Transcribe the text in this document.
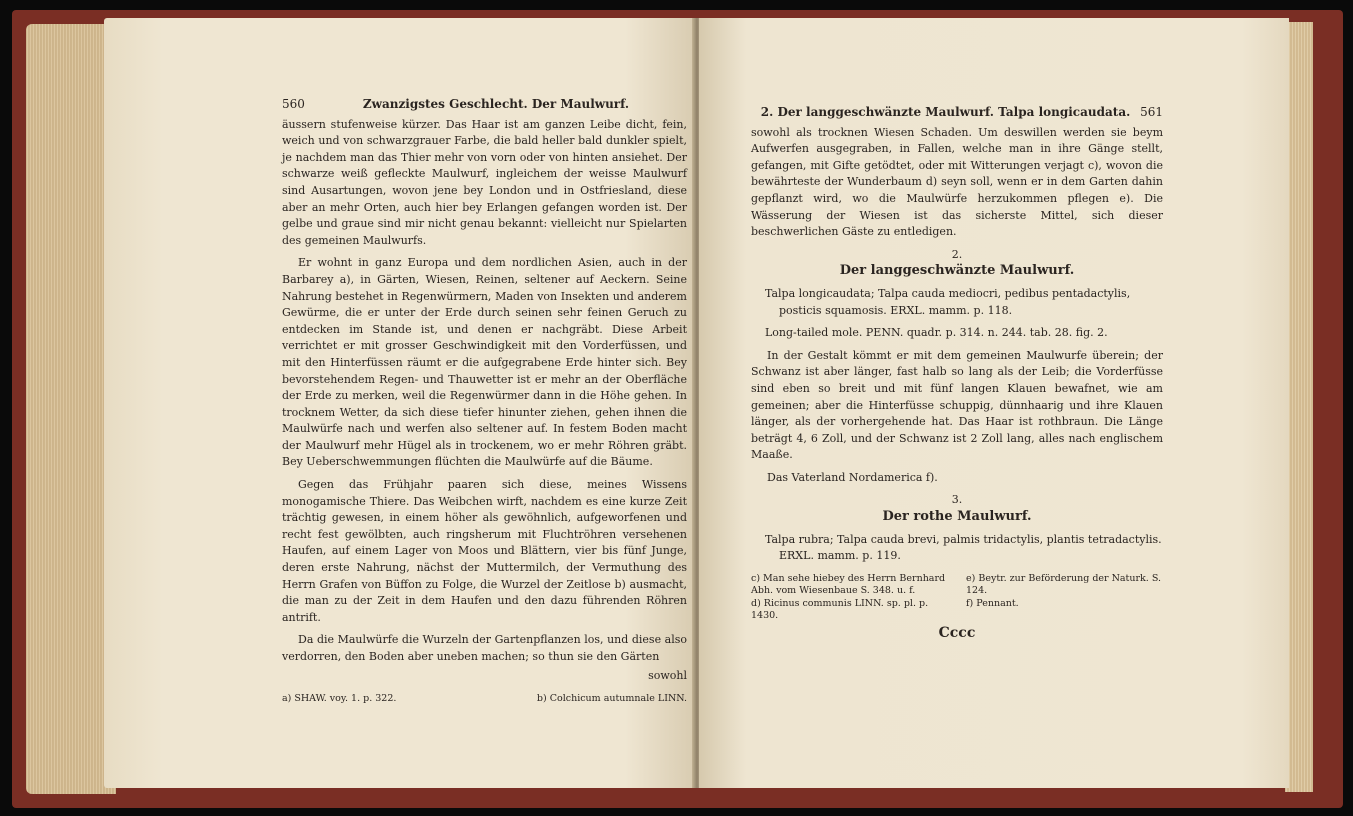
560	Zwanzigstes Geschlecht. Der Maulwurf.

äussern stufenweise kürzer. Das Haar ist am ganzen Leibe dicht, fein, weich und von schwarzgrauer Farbe, die bald heller bald dunkler spielt, je nachdem man das Thier mehr von vorn oder von hinten ansiehet. Der schwarze weiß gefleckte Maulwurf, ingleichem der weisse Maulwurf sind Ausartungen, wovon jene bey London und in Ostfriesland, diese aber an mehr Orten, auch hier bey Erlangen gefangen worden ist. Der gelbe und graue sind mir nicht genau bekannt: vielleicht nur Spielarten des gemeinen Maulwurfs.

Er wohnt in ganz Europa und dem nordlichen Asien, auch in der Barbarey a), in Gärten, Wiesen, Reinen, seltener auf Aeckern. Seine Nahrung bestehet in Regenwürmern, Maden von Insekten und anderem Gewürme, die er unter der Erde durch seinen sehr feinen Geruch zu entdecken im Stande ist, und denen er nachgräbt. Diese Arbeit verrichtet er mit grosser Geschwindigkeit mit den Vorderfüssen, und mit den Hinterfüssen räumt er die aufgegrabene Erde hinter sich. Bey bevorstehendem Regen- und Thauwetter ist er mehr an der Oberfläche der Erde zu merken, weil die Regenwürmer dann in die Höhe gehen. In trocknem Wetter, da sich diese tiefer hinunter ziehen, gehen ihnen die Maulwürfe nach und werfen also seltener auf. In festem Boden macht der Maulwurf mehr Hügel als in trockenem, wo er mehr Röhren gräbt. Bey Ueberschwemmungen flüchten die Maulwürfe auf die Bäume.

Gegen das Frühjahr paaren sich diese, meines Wissens monogamische Thiere. Das Weibchen wirft, nachdem es eine kurze Zeit trächtig gewesen, in einem höher als gewöhnlich, aufgeworfenen und recht fest gewölbten, auch ringsherum mit Fluchtröhren versehenen Haufen, auf einem Lager von Moos und Blättern, vier bis fünf Junge, deren erste Nahrung, nächst der Muttermilch, der Vermuthung des Herrn Grafen von Büffon zu Folge, die Wurzel der Zeitlose b) ausmacht, die man zu der Zeit in dem Haufen und den dazu führenden Röhren antrift.

Da die Maulwürfe die Wurzeln der Gartenpflanzen los, und diese also verdorren, den Boden aber uneben machen; so thun sie den Gärten

sowohl
a) SHAW. voy. 1. p. 322.	b) Colchicum autumnale LINN.
2. Der langgeschwänzte Maulwurf. Talpa longicaudata. 561

sowohl als trocknen Wiesen Schaden. Um deswillen werden sie beym Aufwerfen ausgegraben, in Fallen, welche man in ihre Gänge stellt, gefangen, mit Gifte getödtet, oder mit Witterungen verjagt c), wovon die bewährteste der Wunderbaum d) seyn soll, wenn er in dem Garten dahin gepflanzt wird, wo die Maulwürfe herzukommen pflegen e). Die Wässerung der Wiesen ist das sicherste Mittel, sich dieser beschwerlichen Gäste zu entledigen.

2.
Der langgeschwänzte Maulwurf.

Talpa longicaudata; Talpa cauda mediocri, pedibus pentadactylis, posticis squamosis. ERXL. mamm. p. 118.

Long-tailed mole. PENN. quadr. p. 314. n. 244. tab. 28. fig. 2.

In der Gestalt kömmt er mit dem gemeinen Maulwurfe überein; der Schwanz ist aber länger, fast halb so lang als der Leib; die Vorderfüsse sind eben so breit und mit fünf langen Klauen bewafnet, wie am gemeinen; aber die Hinterfüsse schuppig, dünnhaarig und ihre Klauen länger, als der vorhergehende hat. Das Haar ist rothbraun. Die Länge beträgt 4, 6 Zoll, und der Schwanz ist 2 Zoll lang, alles nach englischem Maaße.

Das Vaterland Nordamerica f).

3.
Der rothe Maulwurf.

Talpa rubra; Talpa cauda brevi, palmis tridactylis, plantis tetradactylis. ERXL. mamm. p. 119.

c) Man sehe hiebey des Herrn Bernhard Abh. vom Wiesenbaue S. 348. u. f.
e) Beytr. zur Beförderung der Naturk. S. 124.
d) Ricinus communis LINN. sp. pl. p. 1430.
f) Pennant.
Cccc
